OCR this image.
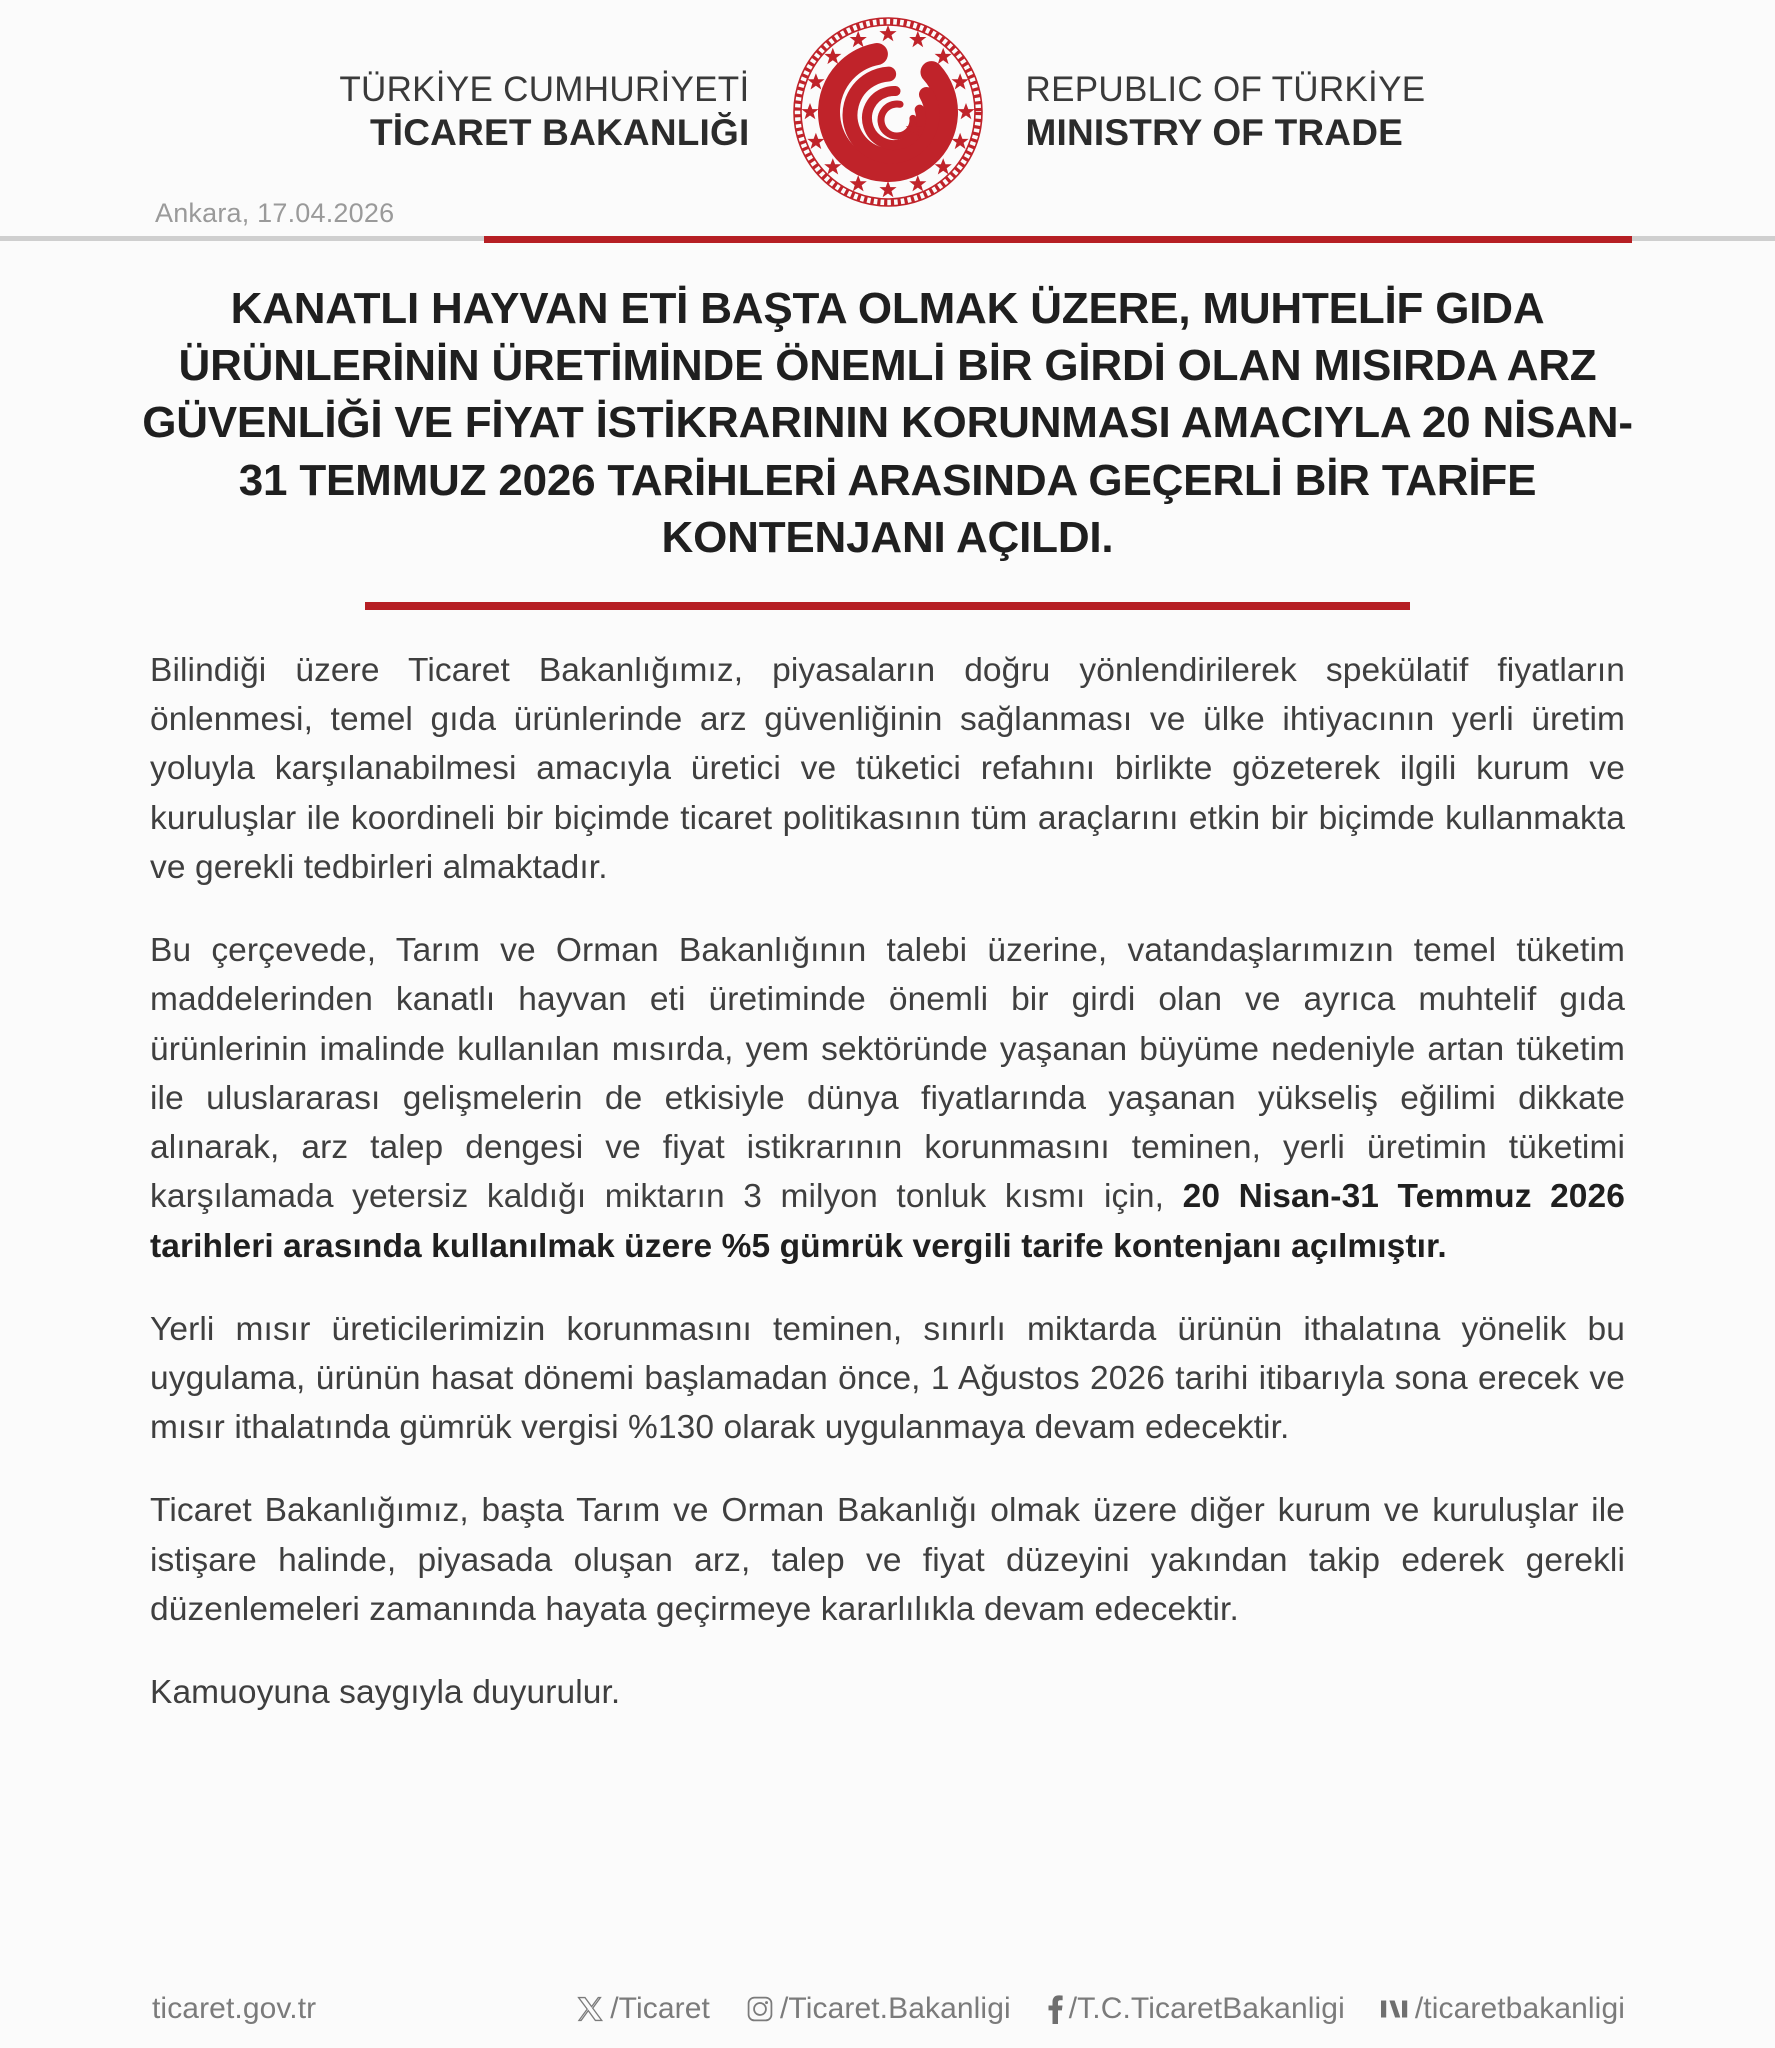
TÜRKİYE CUMHURİYETİ
TİCARET BAKANLIĞI
REPUBLIC OF TÜRKİYE
MINISTRY OF TRADE
Ankara, 17.04.2026
KANATLI HAYVAN ETİ BAŞTA OLMAK ÜZERE, MUHTELİF GIDA ÜRÜNLERİNİN ÜRETİMİNDE ÖNEMLİ BİR GİRDİ OLAN MISIRDA ARZ GÜVENLİĞİ VE FİYAT İSTİKRARININ KORUNMASI AMACIYLA 20 NİSAN-31 TEMMUZ 2026 TARİHLERİ ARASINDA GEÇERLİ BİR TARİFE KONTENJANI AÇILDI.

Bilindiği üzere Ticaret Bakanlığımız, piyasaların doğru yönlendirilerek spekülatif fiyatların önlenmesi, temel gıda ürünlerinde arz güvenliğinin sağlanması ve ülke ihtiyacının yerli üretim yoluyla karşılanabilmesi amacıyla üretici ve tüketici refahını birlikte gözeterek ilgili kurum ve kuruluşlar ile koordineli bir biçimde ticaret politikasının tüm araçlarını etkin bir biçimde kullanmakta ve gerekli tedbirleri almaktadır.

Bu çerçevede, Tarım ve Orman Bakanlığının talebi üzerine, vatandaşlarımızın temel tüketim maddelerinden kanatlı hayvan eti üretiminde önemli bir girdi olan ve ayrıca muhtelif gıda ürünlerinin imalinde kullanılan mısırda, yem sektöründe yaşanan büyüme nedeniyle artan tüketim ile uluslararası gelişmelerin de etkisiyle dünya fiyatlarında yaşanan yükseliş eğilimi dikkate alınarak, arz talep dengesi ve fiyat istikrarının korunmasını teminen, yerli üretimin tüketimi karşılamada yetersiz kaldığı miktarın 3 milyon tonluk kısmı için, 20 Nisan-31 Temmuz 2026 tarihleri arasında kullanılmak üzere %5 gümrük vergili tarife kontenjanı açılmıştır.

Yerli mısır üreticilerimizin korunmasını teminen, sınırlı miktarda ürünün ithalatına yönelik bu uygulama, ürünün hasat dönemi başlamadan önce, 1 Ağustos 2026 tarihi itibarıyla sona erecek ve mısır ithalatında gümrük vergisi %130 olarak uygulanmaya devam edecektir.

Ticaret Bakanlığımız, başta Tarım ve Orman Bakanlığı olmak üzere diğer kurum ve kuruluşlar ile istişare halinde, piyasada oluşan arz, talep ve fiyat düzeyini yakından takip ederek gerekli düzenlemeleri zamanında hayata geçirmeye kararlılıkla devam edecektir.

Kamuoyuna saygıyla duyurulur.

ticaret.gov.tr	/Ticaret /Ticaret.Bakanligi /T.C.TicaretBakanligi /ticaretbakanligi
